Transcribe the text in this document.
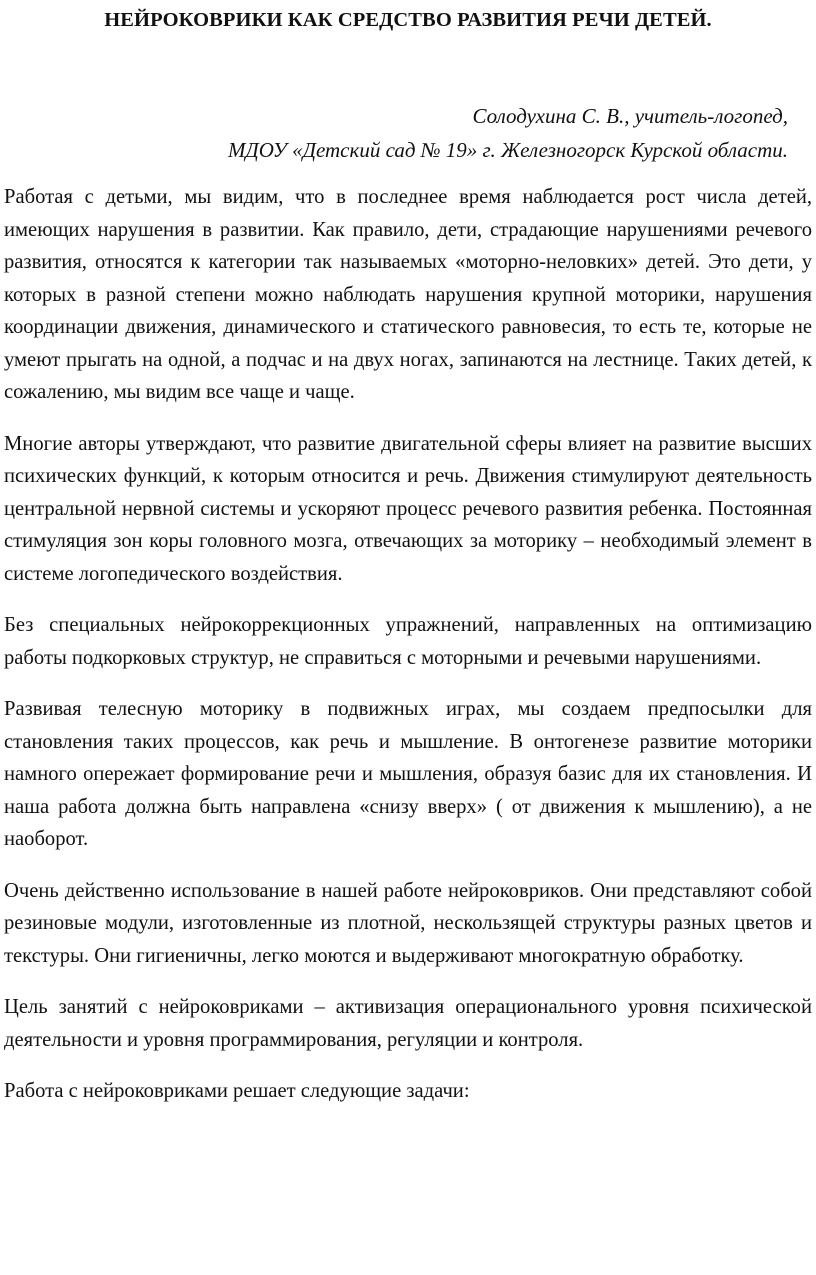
НЕЙРОКОВРИКИ КАК СРЕДСТВО РАЗВИТИЯ РЕЧИ ДЕТЕЙ.
Солодухина С. В., учитель-логопед,
МДОУ «Детский сад № 19» г. Железногорск Курской области.

Работая с детьми, мы видим, что в последнее время наблюдается рост числа детей, имеющих нарушения в развитии. Как правило, дети, страдающие нарушениями речевого развития, относятся к категории так называемых «моторно-неловких» детей. Это дети, у которых в разной степени можно наблюдать нарушения крупной моторики, нарушения координации движения, динамического и статического равновесия, то есть те, которые не умеют прыгать на одной, а подчас и на двух ногах, запинаются на лестнице. Таких детей, к сожалению, мы видим все чаще и чаще.

Многие авторы утверждают, что развитие двигательной сферы влияет на развитие высших психических функций, к которым относится и речь. Движения стимулируют деятельность центральной нервной системы и ускоряют процесс речевого развития ребенка. Постоянная стимуляция зон коры головного мозга, отвечающих за моторику – необходимый элемент в системе логопедического воздействия.

Без специальных нейрокоррекционных упражнений, направленных на оптимизацию работы подкорковых структур, не справиться с моторными и речевыми нарушениями.

Развивая телесную моторику в подвижных играх, мы создаем предпосылки для становления таких процессов, как речь и мышление. В онтогенезе развитие моторики намного опережает формирование речи и мышления, образуя базис для их становления. И наша работа должна быть направлена «снизу вверх» ( от движения к мышлению), а не наоборот.

Очень действенно использование в нашей работе нейроковриков. Они представляют собой резиновые модули, изготовленные из плотной, нескользящей структуры разных цветов и текстуры. Они гигиеничны, легко моются и выдерживают многократную обработку.

Цель занятий с нейроковриками – активизация операционального уровня психической деятельности и уровня программирования, регуляции и контроля.

Работа с нейроковриками решает следующие задачи:
